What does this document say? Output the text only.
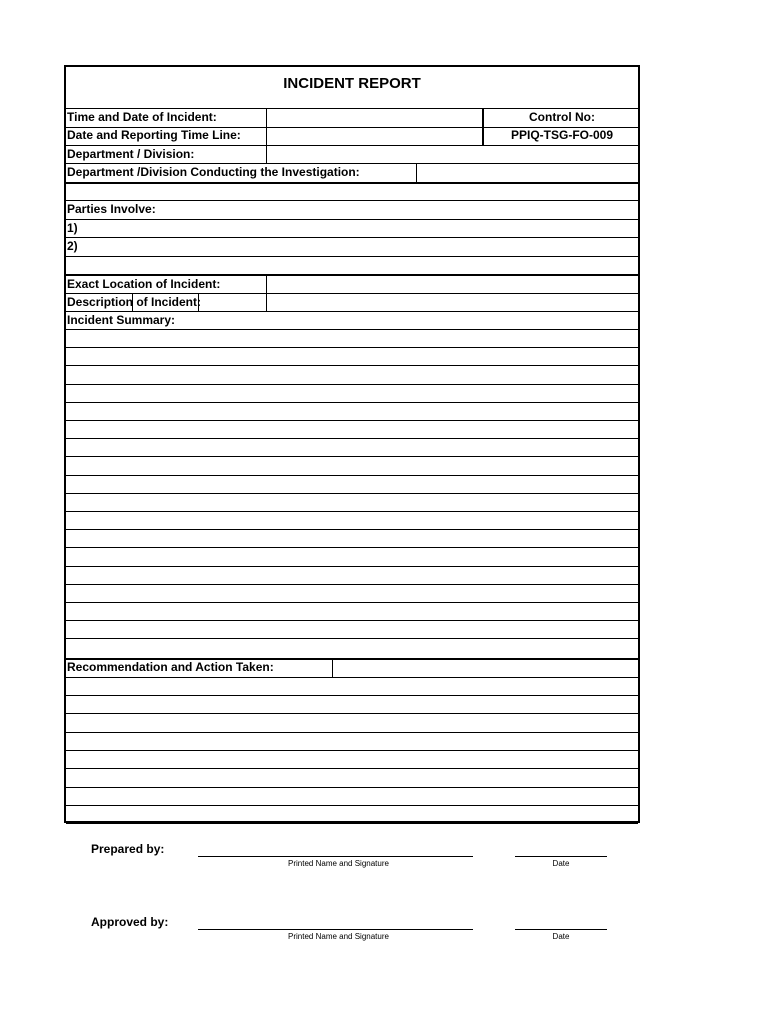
INCIDENT REPORT
Time and Date of Incident:	Control No:
Date and Reporting Time Line:	PPIQ-TSG-FO-009
Department / Division:
Department /Division Conducting the Investigation:
Parties Involve:
1)
2)
Exact Location of Incident:
Description of Incident:
Incident Summary:
Recommendation and Action Taken:
Prepared by:
Printed Name and Signature	Date
Approved by:
Printed Name and Signature	Date
